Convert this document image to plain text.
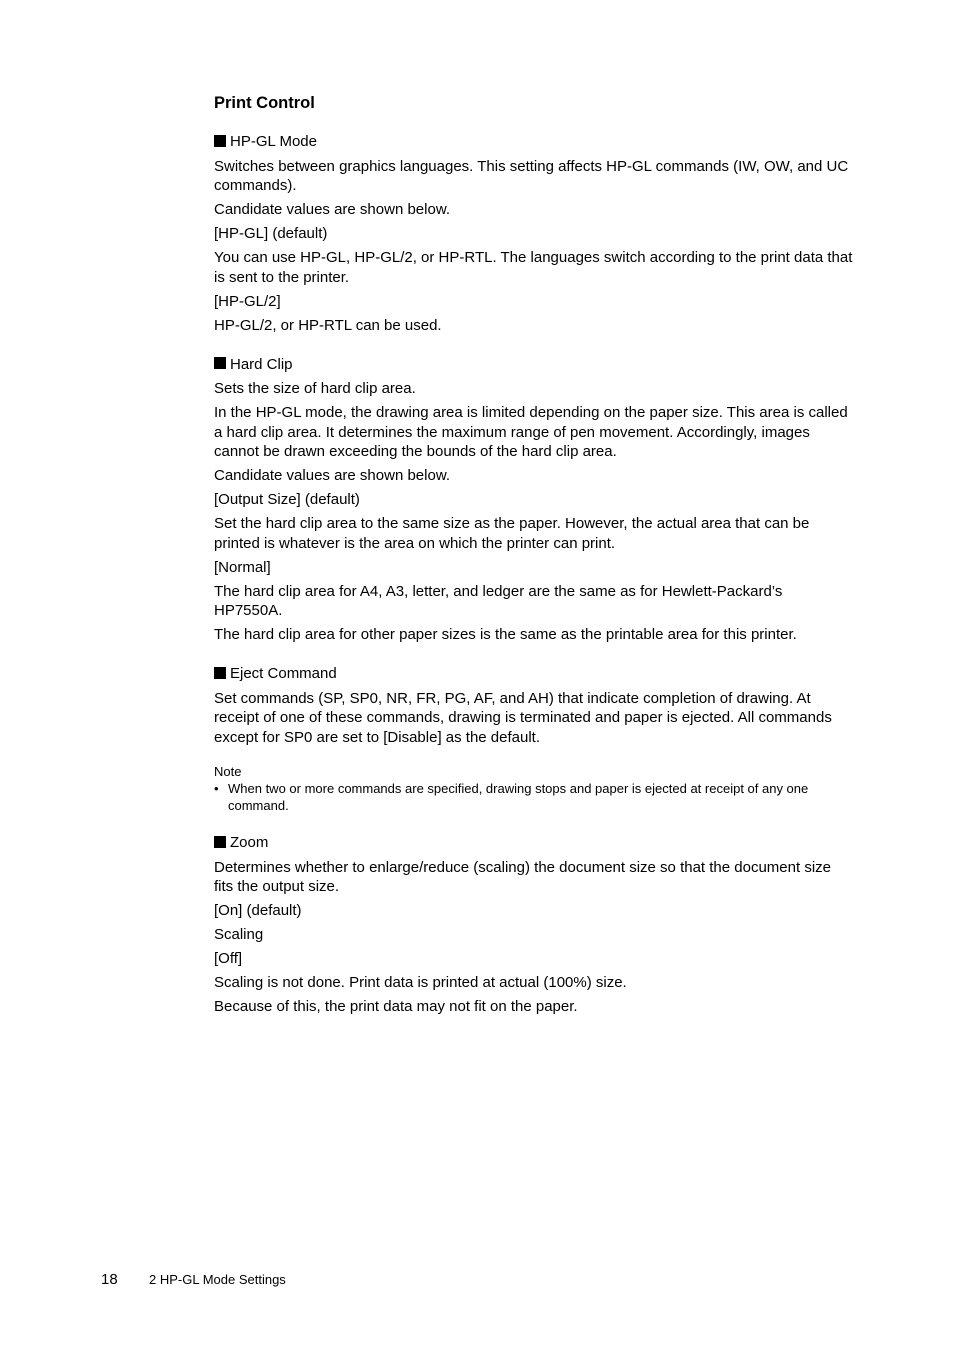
Print Control
HP-GL Mode

Switches between graphics languages. This setting affects HP-GL commands (IW, OW, and UC commands).

Candidate values are shown below.

[HP-GL] (default)

You can use HP-GL, HP-GL/2, or HP-RTL. The languages switch according to the print data that is sent to the printer.

[HP-GL/2]

HP-GL/2, or HP-RTL can be used.

Hard Clip

Sets the size of hard clip area.

In the HP-GL mode, the drawing area is limited depending on the paper size. This area is called a hard clip area. It determines the maximum range of pen movement. Accordingly, images cannot be drawn exceeding the bounds of the hard clip area.

Candidate values are shown below.

[Output Size] (default)

Set the hard clip area to the same size as the paper. However, the actual area that can be printed is whatever is the area on which the printer can print.

[Normal]

The hard clip area for A4, A3, letter, and ledger are the same as for Hewlett-Packard’s HP7550A.

The hard clip area for other paper sizes is the same as the printable area for this printer.

Eject Command

Set commands (SP, SP0, NR, FR, PG, AF, and AH) that indicate completion of drawing. At receipt of one of these commands, drawing is terminated and paper is ejected. All commands except for SP0 are set to [Disable] as the default.

Note

• When two or more commands are specified, drawing stops and paper is ejected at receipt of any one command.
Zoom

Determines whether to enlarge/reduce (scaling) the document size so that the document size fits the output size.

[On] (default)

Scaling

[Off]

Scaling is not done. Print data is printed at actual (100%) size.

Because of this, the print data may not fit on the paper.

18	2 HP-GL Mode Settings
